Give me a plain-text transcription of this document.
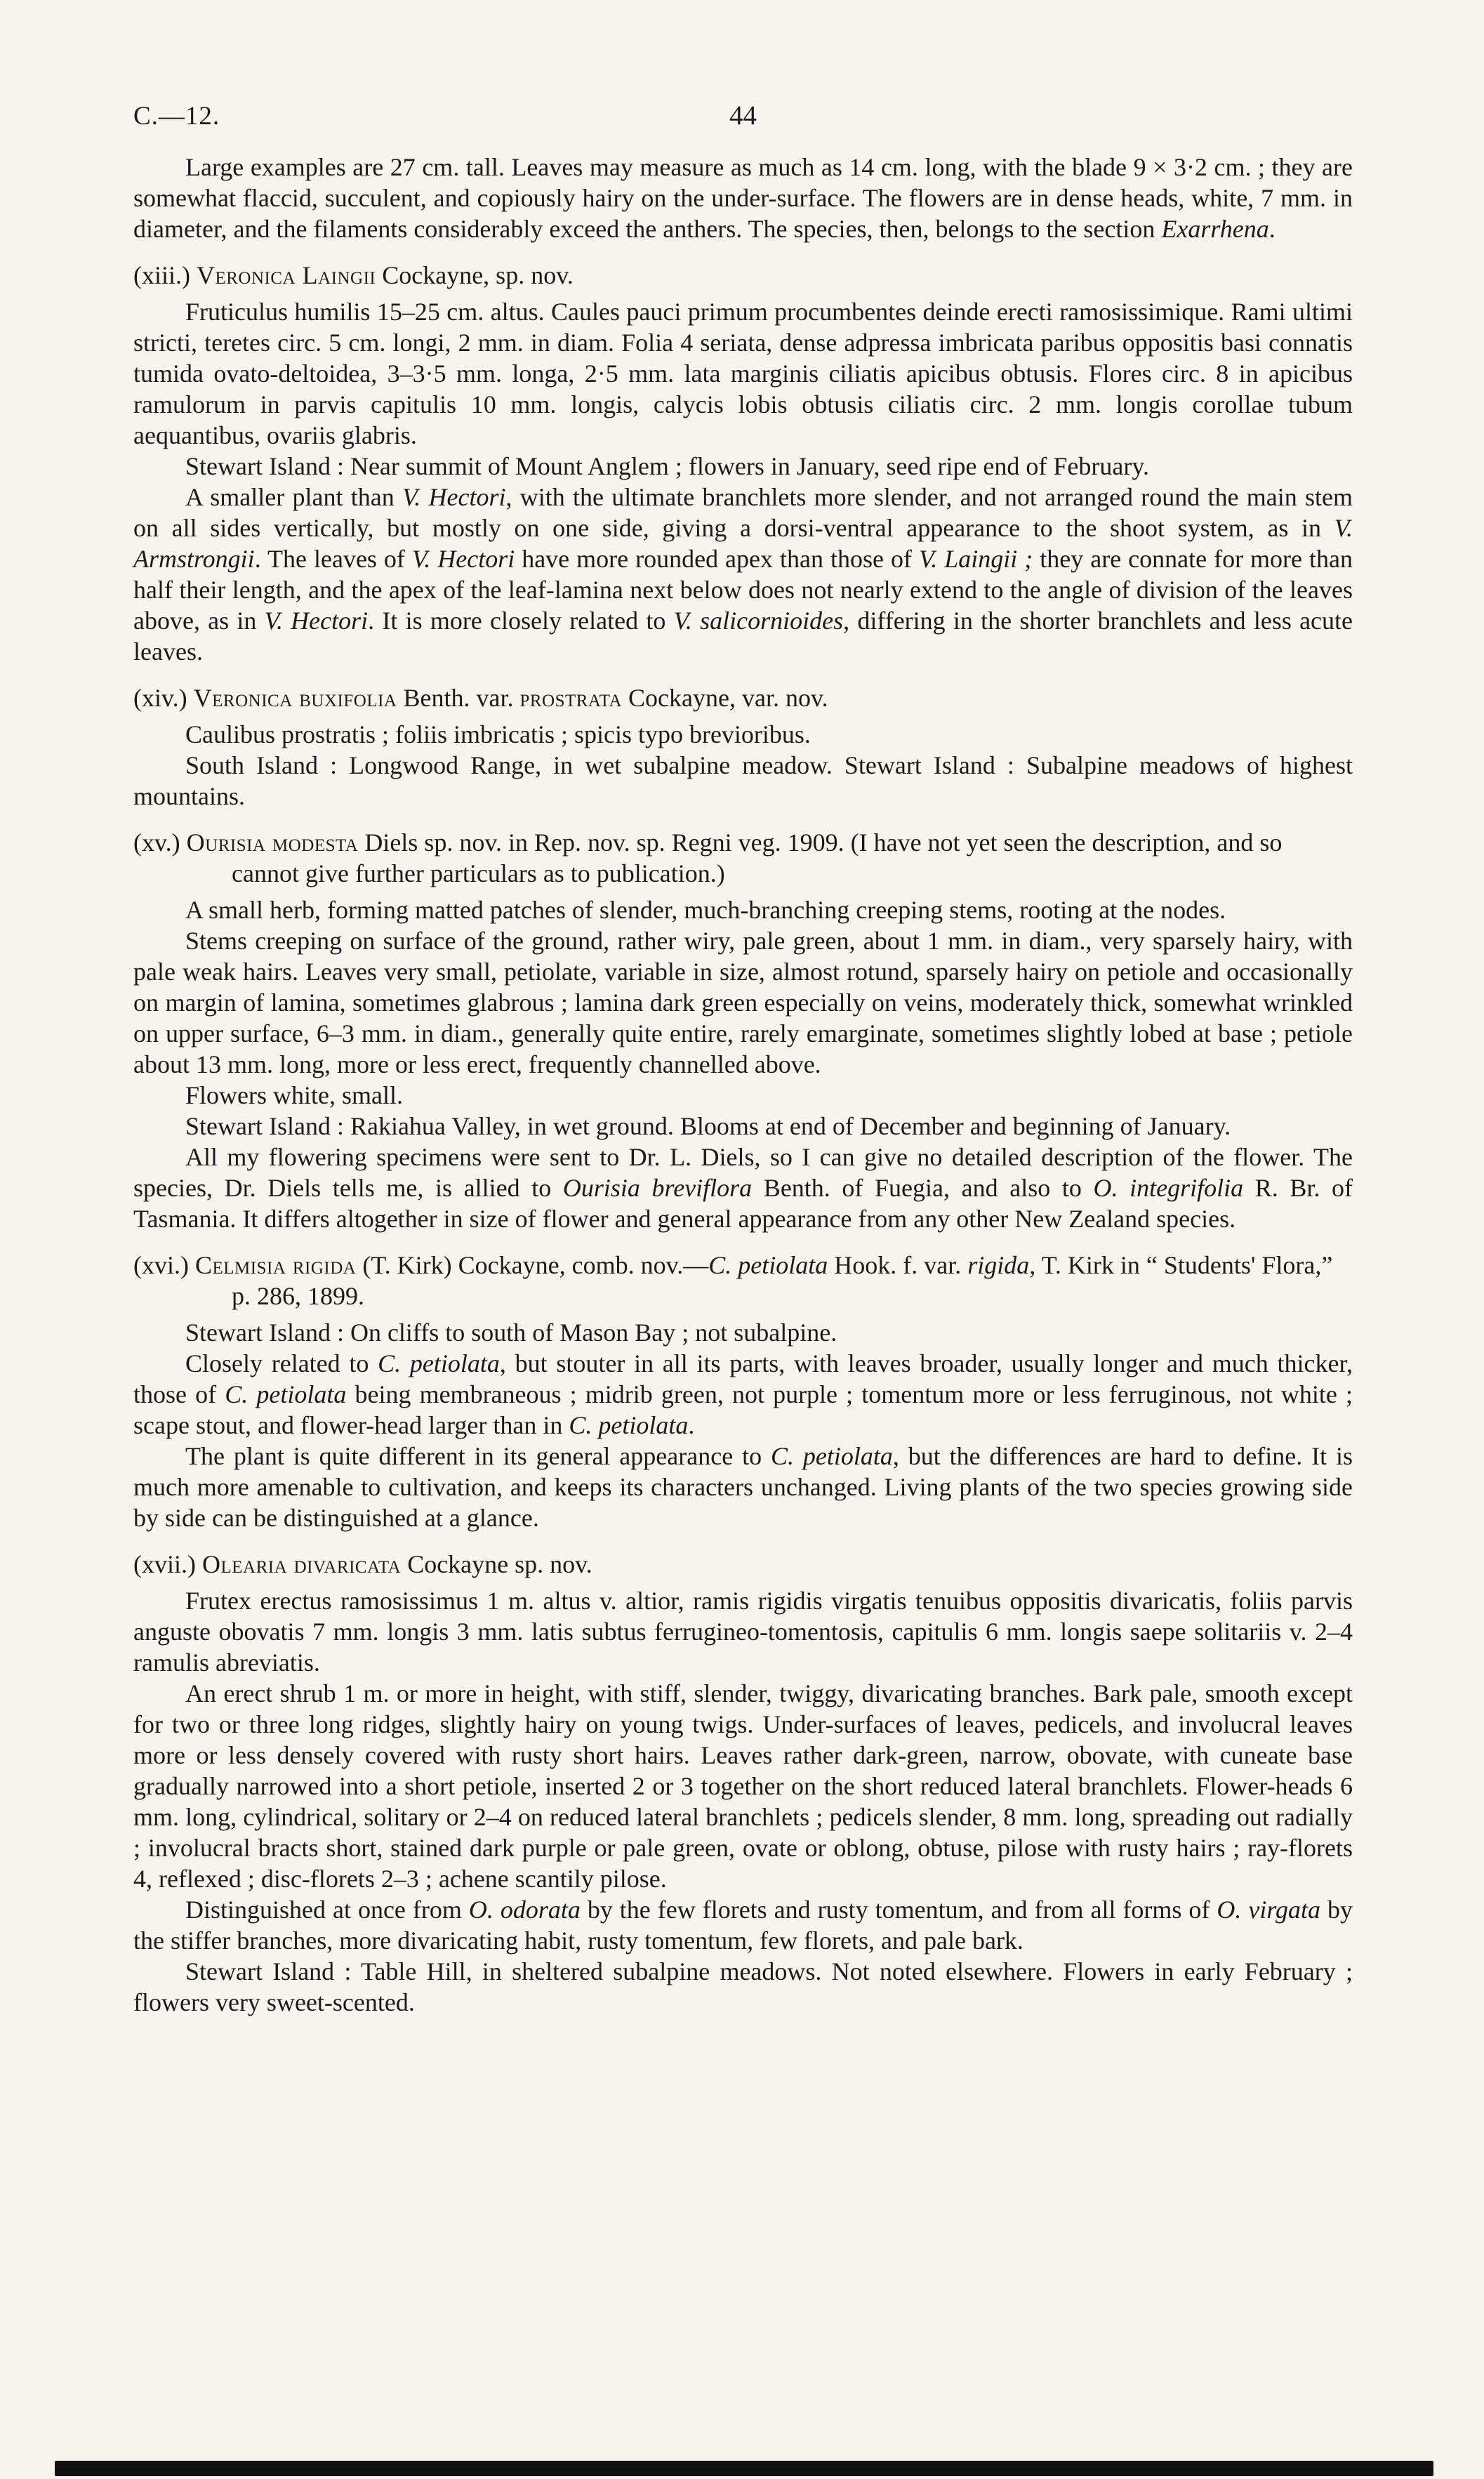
C.—12.	44

Large examples are 27 cm. tall. Leaves may measure as much as 14 cm. long, with the blade 9 × 3·2 cm. ; they are somewhat flaccid, succulent, and copiously hairy on the under-surface. The flowers are in dense heads, white, 7 mm. in diameter, and the filaments considerably exceed the anthers. The species, then, belongs to the section Exarrhena.

(xiii.) Veronica Laingii Cockayne, sp. nov.

Fruticulus humilis 15–25 cm. altus. Caules pauci primum procumbentes deinde erecti ramosissimique. Rami ultimi stricti, teretes circ. 5 cm. longi, 2 mm. in diam. Folia 4 seriata, dense adpressa imbricata paribus oppositis basi connatis tumida ovato-deltoidea, 3–3·5 mm. longa, 2·5 mm. lata marginis ciliatis apicibus obtusis. Flores circ. 8 in apicibus ramulorum in parvis capitulis 10 mm. longis, calycis lobis obtusis ciliatis circ. 2 mm. longis corollae tubum aequantibus, ovariis glabris.

Stewart Island : Near summit of Mount Anglem ; flowers in January, seed ripe end of February.

A smaller plant than V. Hectori, with the ultimate branchlets more slender, and not arranged round the main stem on all sides vertically, but mostly on one side, giving a dorsi-ventral appearance to the shoot system, as in V. Armstrongii. The leaves of V. Hectori have more rounded apex than those of V. Laingii ; they are connate for more than half their length, and the apex of the leaf-lamina next below does not nearly extend to the angle of division of the leaves above, as in V. Hectori. It is more closely related to V. salicornioides, differing in the shorter branchlets and less acute leaves.

(xiv.) Veronica buxifolia Benth. var. prostrata Cockayne, var. nov.

Caulibus prostratis ; foliis imbricatis ; spicis typo brevioribus.

South Island : Longwood Range, in wet subalpine meadow. Stewart Island : Subalpine meadows of highest mountains.

(xv.) Ourisia modesta Diels sp. nov. in Rep. nov. sp. Regni veg. 1909. (I have not yet seen the description, and so cannot give further particulars as to publication.)

A small herb, forming matted patches of slender, much-branching creeping stems, rooting at the nodes.

Stems creeping on surface of the ground, rather wiry, pale green, about 1 mm. in diam., very sparsely hairy, with pale weak hairs. Leaves very small, petiolate, variable in size, almost rotund, sparsely hairy on petiole and occasionally on margin of lamina, sometimes glabrous ; lamina dark green especially on veins, moderately thick, somewhat wrinkled on upper surface, 6–3 mm. in diam., generally quite entire, rarely emarginate, sometimes slightly lobed at base ; petiole about 13 mm. long, more or less erect, frequently channelled above.

Flowers white, small.

Stewart Island : Rakiahua Valley, in wet ground. Blooms at end of December and beginning of January.

All my flowering specimens were sent to Dr. L. Diels, so I can give no detailed description of the flower. The species, Dr. Diels tells me, is allied to Ourisia breviflora Benth. of Fuegia, and also to O. integrifolia R. Br. of Tasmania. It differs altogether in size of flower and general appearance from any other New Zealand species.

(xvi.) Celmisia rigida (T. Kirk) Cockayne, comb. nov.—C. petiolata Hook. f. var. rigida, T. Kirk in “ Students' Flora,” p. 286, 1899.

Stewart Island : On cliffs to south of Mason Bay ; not subalpine.

Closely related to C. petiolata, but stouter in all its parts, with leaves broader, usually longer and much thicker, those of C. petiolata being membraneous ; midrib green, not purple ; tomentum more or less ferruginous, not white ; scape stout, and flower-head larger than in C. petiolata.

The plant is quite different in its general appearance to C. petiolata, but the differences are hard to define. It is much more amenable to cultivation, and keeps its characters unchanged. Living plants of the two species growing side by side can be distinguished at a glance.

(xvii.) Olearia divaricata Cockayne sp. nov.

Frutex erectus ramosissimus 1 m. altus v. altior, ramis rigidis virgatis tenuibus oppositis divaricatis, foliis parvis anguste obovatis 7 mm. longis 3 mm. latis subtus ferrugineo-tomentosis, capitulis 6 mm. longis saepe solitariis v. 2–4 ramulis abreviatis.

An erect shrub 1 m. or more in height, with stiff, slender, twiggy, divaricating branches. Bark pale, smooth except for two or three long ridges, slightly hairy on young twigs. Under-surfaces of leaves, pedicels, and involucral leaves more or less densely covered with rusty short hairs. Leaves rather dark-green, narrow, obovate, with cuneate base gradually narrowed into a short petiole, inserted 2 or 3 together on the short reduced lateral branchlets. Flower-heads 6 mm. long, cylindrical, solitary or 2–4 on reduced lateral branchlets ; pedicels slender, 8 mm. long, spreading out radially ; involucral bracts short, stained dark purple or pale green, ovate or oblong, obtuse, pilose with rusty hairs ; ray-florets 4, reflexed ; disc-florets 2–3 ; achene scantily pilose.

Distinguished at once from O. odorata by the few florets and rusty tomentum, and from all forms of O. virgata by the stiffer branches, more divaricating habit, rusty tomentum, few florets, and pale bark.

Stewart Island : Table Hill, in sheltered subalpine meadows. Not noted elsewhere. Flowers in early February ; flowers very sweet-scented.
